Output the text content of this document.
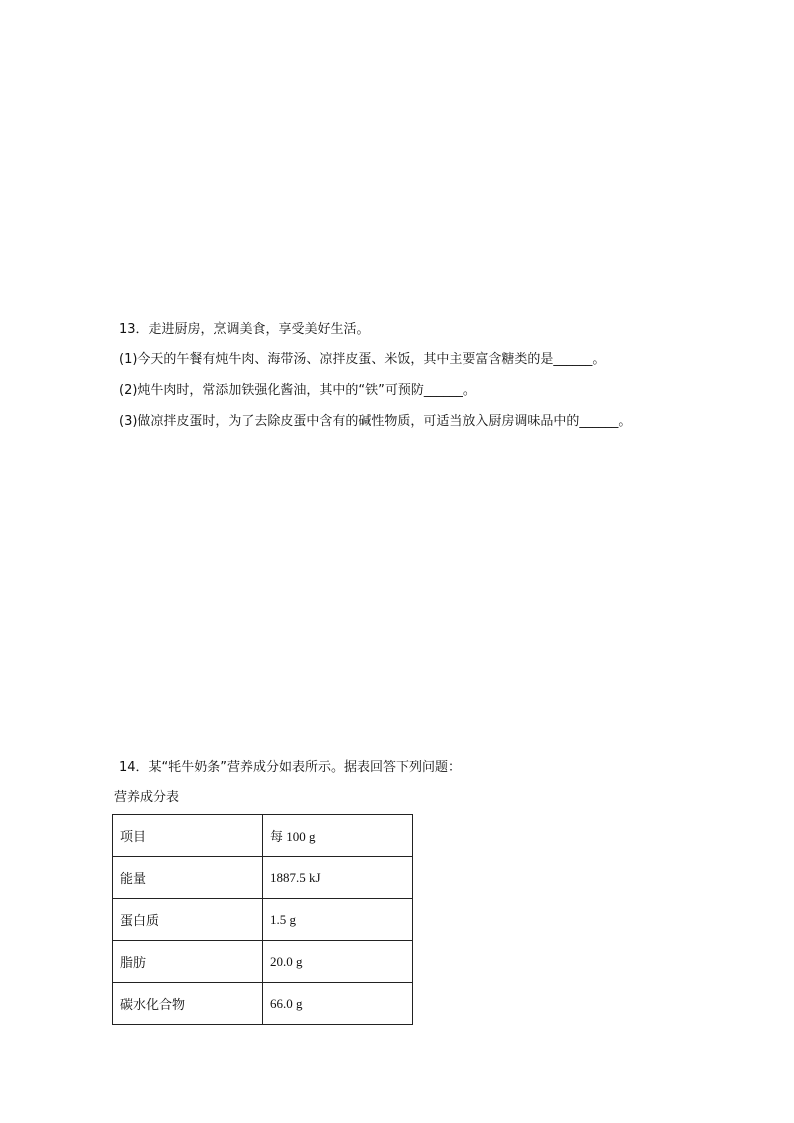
13．走进厨房，烹调美食，享受美好生活。

(1)今天的午餐有炖牛肉、海带汤、凉拌皮蛋、米饭，其中主要富含糖类的是______。

(2)炖牛肉时，常添加铁强化酱油，其中的“铁”可预防______。

(3)做凉拌皮蛋时，为了去除皮蛋中含有的碱性物质，可适当放入厨房调味品中的______。

14．某“牦牛奶条”营养成分如表所示。据表回答下列问题：

营养成分表
项目	每 100 g
能量	1887.5 kJ
蛋白质	1.5 g
脂肪	20.0 g
碳水化合物	66.0 g
